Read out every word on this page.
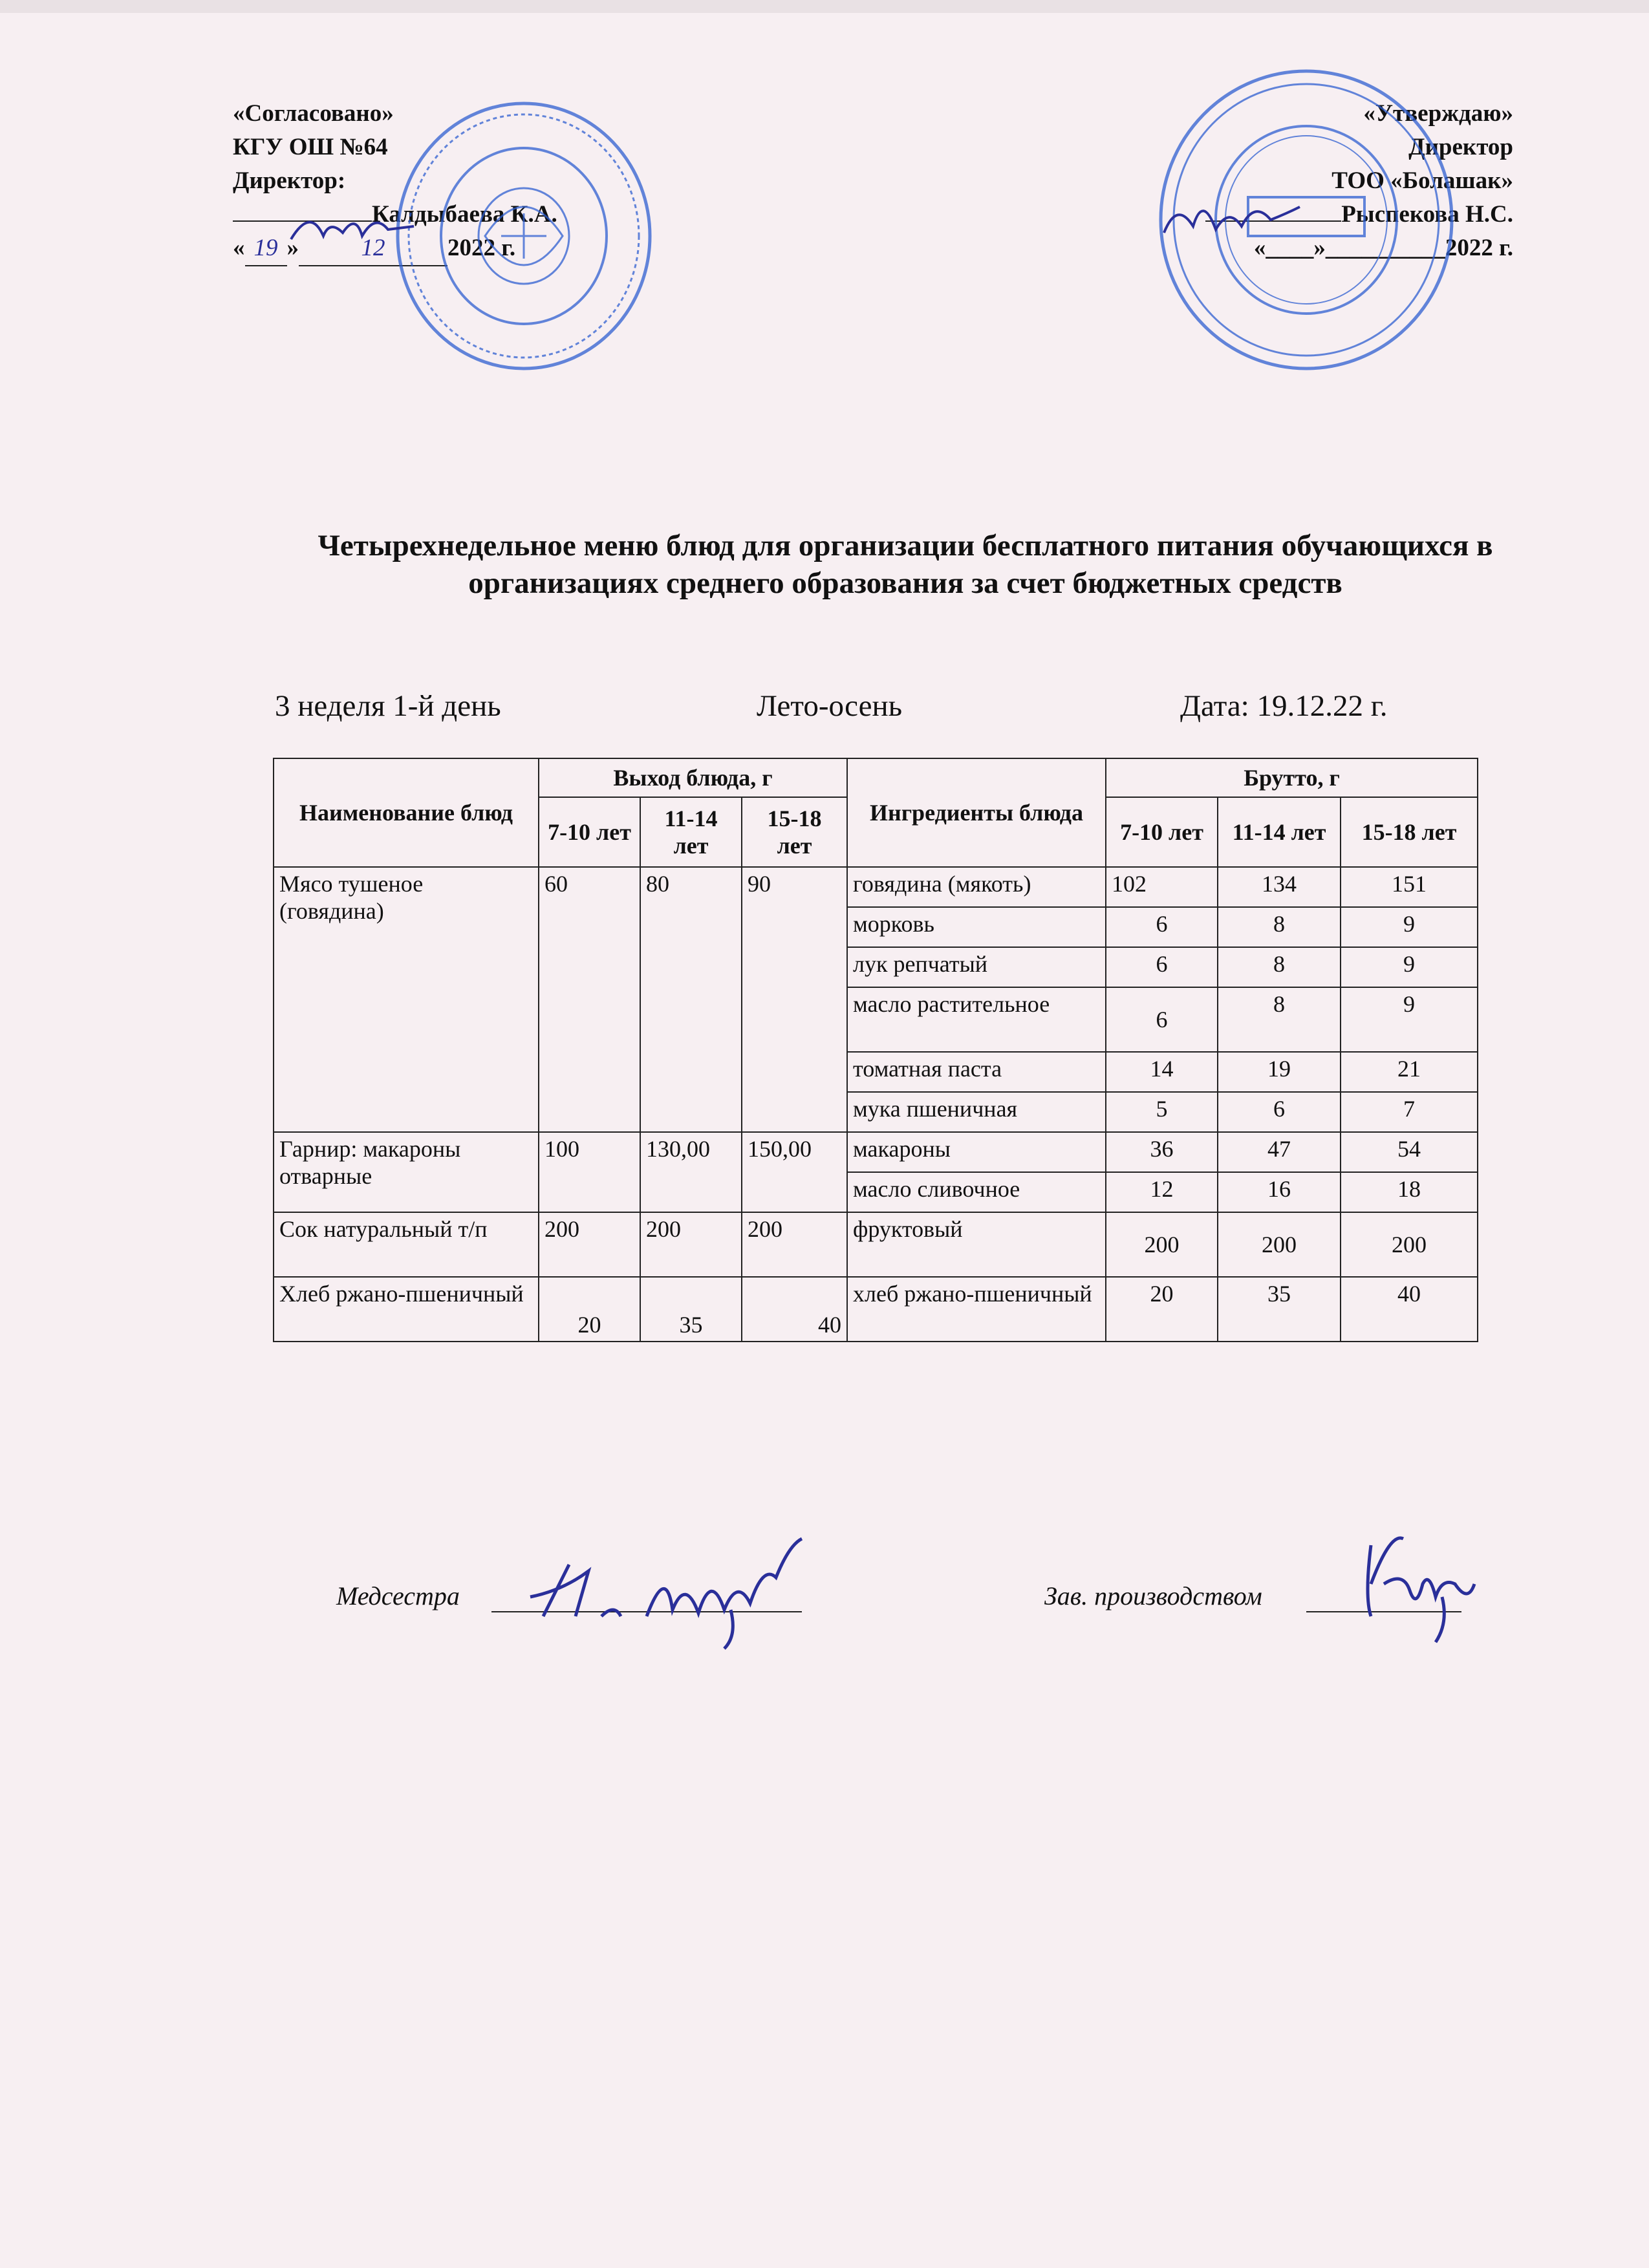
«Согласовано»
КГУ ОШ №64
Директор:
Калдыбаева К.А.
« 19 »	12	2022 г.
«Утверждаю»
Директор
ТОО «Болашак»
Рыспекова Н.С.
«____»__________2022 г.
Четырехнедельное меню блюд для организации бесплатного питания обучающихся в организациях среднего образования за счет бюджетных средств
3 неделя 1-й день	Лето-осень	Дата: 19.12.22 г.
Наименование блюд	Выход блюда, г			Ингредиенты блюда	Брутто, г		
	7-10 лет	11-14 лет	15-18 лет		7-10 лет	11-14 лет	15-18 лет
Мясо тушеное (говядина)	60	80	90	говядина (мякоть)	102	134	151
				морковь	6	8	9
				лук репчатый	6	8	9
				масло растительное	6	8	9
				томатная паста	14	19	21
				мука пшеничная	5	6	7
Гарнир: макароны отварные	100	130,00	150,00	макароны	36	47	54
				масло сливочное	12	16	18
Сок натуральный т/п	200	200	200	фруктовый	200	200	200
Хлеб ржано-пшеничный	20	35	40	хлеб ржано-пшеничный	20	35	40
Медсестра	Зав. производством
